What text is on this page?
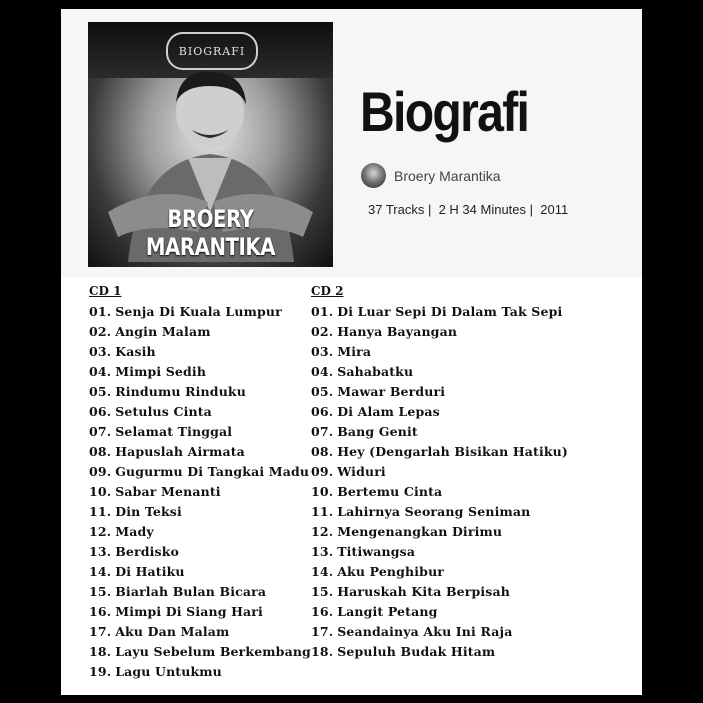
BIOGRAFI
BROERY MARANTIKA
Biografi
Broery Marantika
37 Tracks |  2 H 34 Minutes |  2011
CD 1
01. Senja Di Kuala Lumpur
02. Angin Malam
03. Kasih
04. Mimpi Sedih
05. Rindumu Rinduku
06. Setulus Cinta
07. Selamat Tinggal
08. Hapuslah Airmata
09. Gugurmu Di Tangkai Madu
10. Sabar Menanti
11. Din Teksi
12. Mady
13. Berdisko
14. Di Hatiku
15. Biarlah Bulan Bicara
16. Mimpi Di Siang Hari
17. Aku Dan Malam
18. Layu Sebelum Berkembang
19. Lagu Untukmu
CD 2
01. Di Luar Sepi Di Dalam Tak Sepi
02. Hanya Bayangan
03. Mira
04. Sahabatku
05. Mawar Berduri
06. Di Alam Lepas
07. Bang Genit
08. Hey (Dengarlah Bisikan Hatiku)
09. Widuri
10. Bertemu Cinta
11. Lahirnya Seorang Seniman
12. Mengenangkan Dirimu
13. Titiwangsa
14. Aku Penghibur
15. Haruskah Kita Berpisah
16. Langit Petang
17. Seandainya Aku Ini Raja
18. Sepuluh Budak Hitam
